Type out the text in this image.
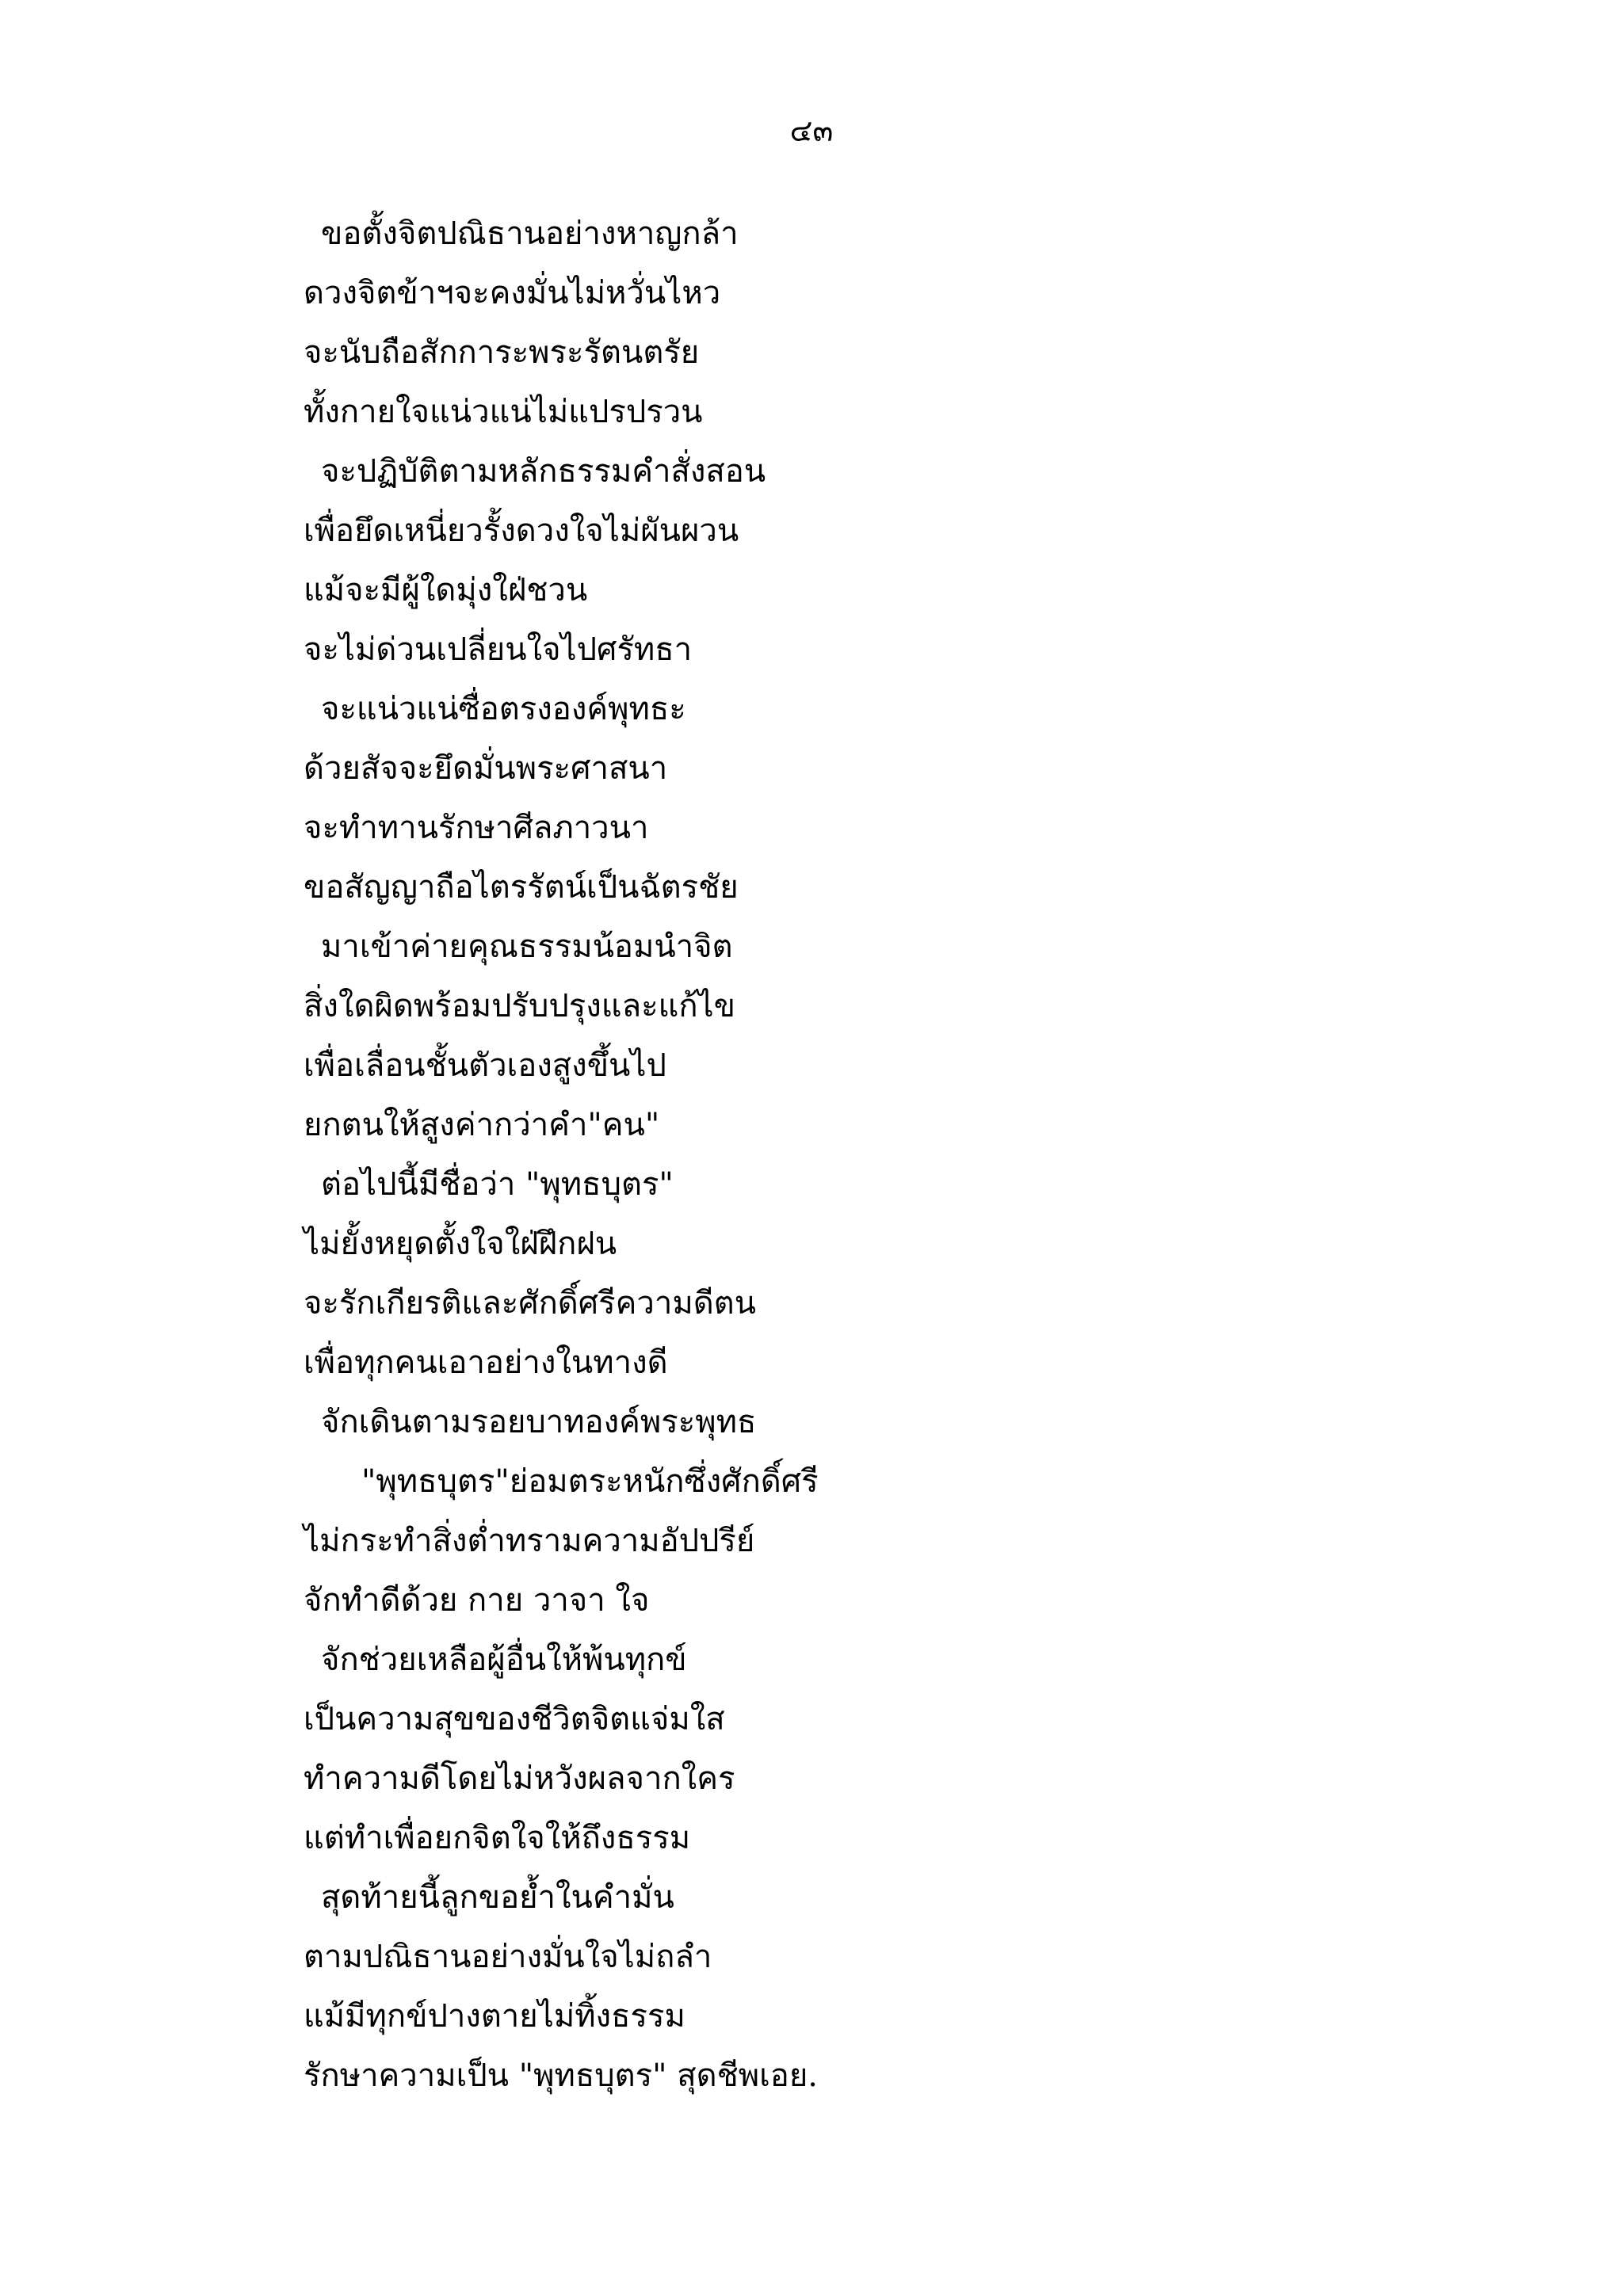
๔๓

ขอตั้งจิตปณิธานอย่างหาญกล้า

ดวงจิตข้าฯจะคงมั่นไม่หวั่นไหว

จะนับถือสักการะพระรัตนตรัย

ทั้งกายใจแน่วแน่ไม่แปรปรวน

จะปฏิบัติตามหลักธรรมคำสั่งสอน

เพื่อยึดเหนี่ยวรั้งดวงใจไม่ผันผวน

แม้จะมีผู้ใดมุ่งใฝ่ชวน

จะไม่ด่วนเปลี่ยนใจไปศรัทธา

จะแน่วแน่ซื่อตรงองค์พุทธะ

ด้วยสัจจะยึดมั่นพระศาสนา

จะทำทานรักษาศีลภาวนา

ขอสัญญาถือไตรรัตน์เป็นฉัตรชัย

มาเข้าค่ายคุณธรรมน้อมนำจิต

สิ่งใดผิดพร้อมปรับปรุงและแก้ไข

เพื่อเลื่อนชั้นตัวเองสูงขึ้นไป

ยกตนให้สูงค่ากว่าคำ"คน"

ต่อไปนี้มีชื่อว่า "พุทธบุตร"

ไม่ยั้งหยุดตั้งใจใฝ่ฝึกฝน

จะรักเกียรติและศักดิ์ศรีความดีตน

เพื่อทุกคนเอาอย่างในทางดี

จักเดินตามรอยบาทองค์พระพุทธ

"พุทธบุตร"ย่อมตระหนักซึ่งศักดิ์ศรี

ไม่กระทำสิ่งต่ำทรามความอัปปรีย์

จักทำดีด้วย กาย วาจา ใจ

จักช่วยเหลือผู้อื่นให้พ้นทุกข์

เป็นความสุขของชีวิตจิตแจ่มใส

ทำความดีโดยไม่หวังผลจากใคร

แต่ทำเพื่อยกจิตใจให้ถึงธรรม

สุดท้ายนี้ลูกขอย้ำในคำมั่น

ตามปณิธานอย่างมั่นใจไม่ถลำ

แม้มีทุกข์ปางตายไม่ทิ้งธรรม

รักษาความเป็น "พุทธบุตร" สุดชีพเอย.
